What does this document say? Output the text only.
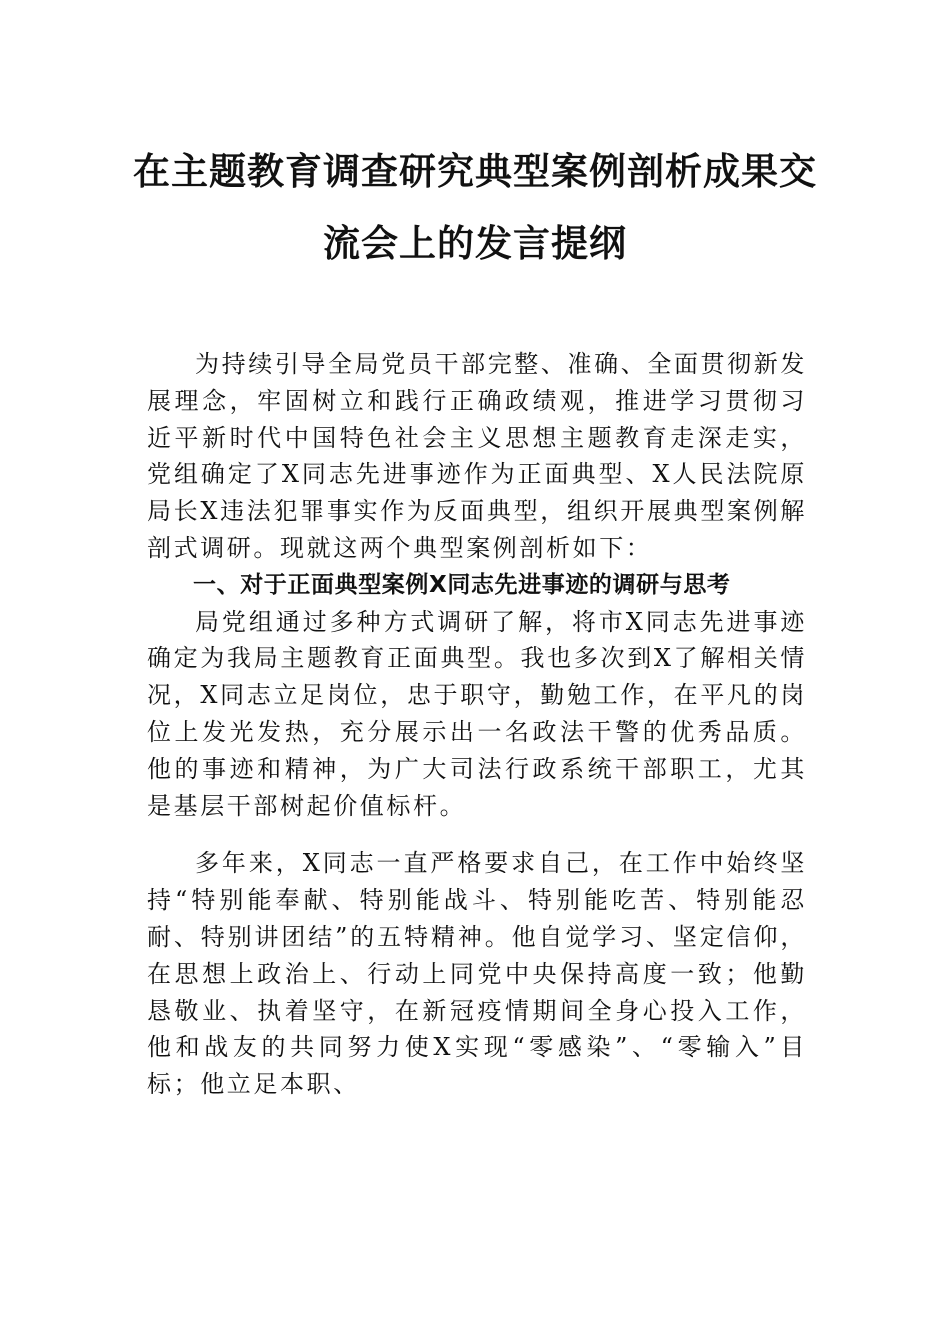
在主题教育调查研究典型案例剖析成果交
流会上的发言提纲

为持续引导全局党员干部完整、准确、全面贯彻新发展理念，牢固树立和践行正确政绩观，推进学习贯彻习近平新时代中国特色社会主义思想主题教育走深走实，党组确定了X同志先进事迹作为正面典型、X人民法院原局长X违法犯罪事实作为反面典型，组织开展典型案例解剖式调研。现就这两个典型案例剖析如下：

一、对于正面典型案例X同志先进事迹的调研与思考

局党组通过多种方式调研了解，将市X同志先进事迹确定为我局主题教育正面典型。我也多次到X了解相关情况，X同志立足岗位，忠于职守，勤勉工作，在平凡的岗位上发光发热，充分展示出一名政法干警的优秀品质。他的事迹和精神，为广大司法行政系统干部职工，尤其是基层干部树起价值标杆。

多年来，X同志一直严格要求自己，在工作中始终坚持“特别能奉献、特别能战斗、特别能吃苦、特别能忍耐、特别讲团结”的五特精神。他自觉学习、坚定信仰，在思想上政治上、行动上同党中央保持高度一致；他勤恳敬业、执着坚守，在新冠疫情期间全身心投入工作，他和战友的共同努力使X实现“零感染”、“零输入”目标；他立足本职、
